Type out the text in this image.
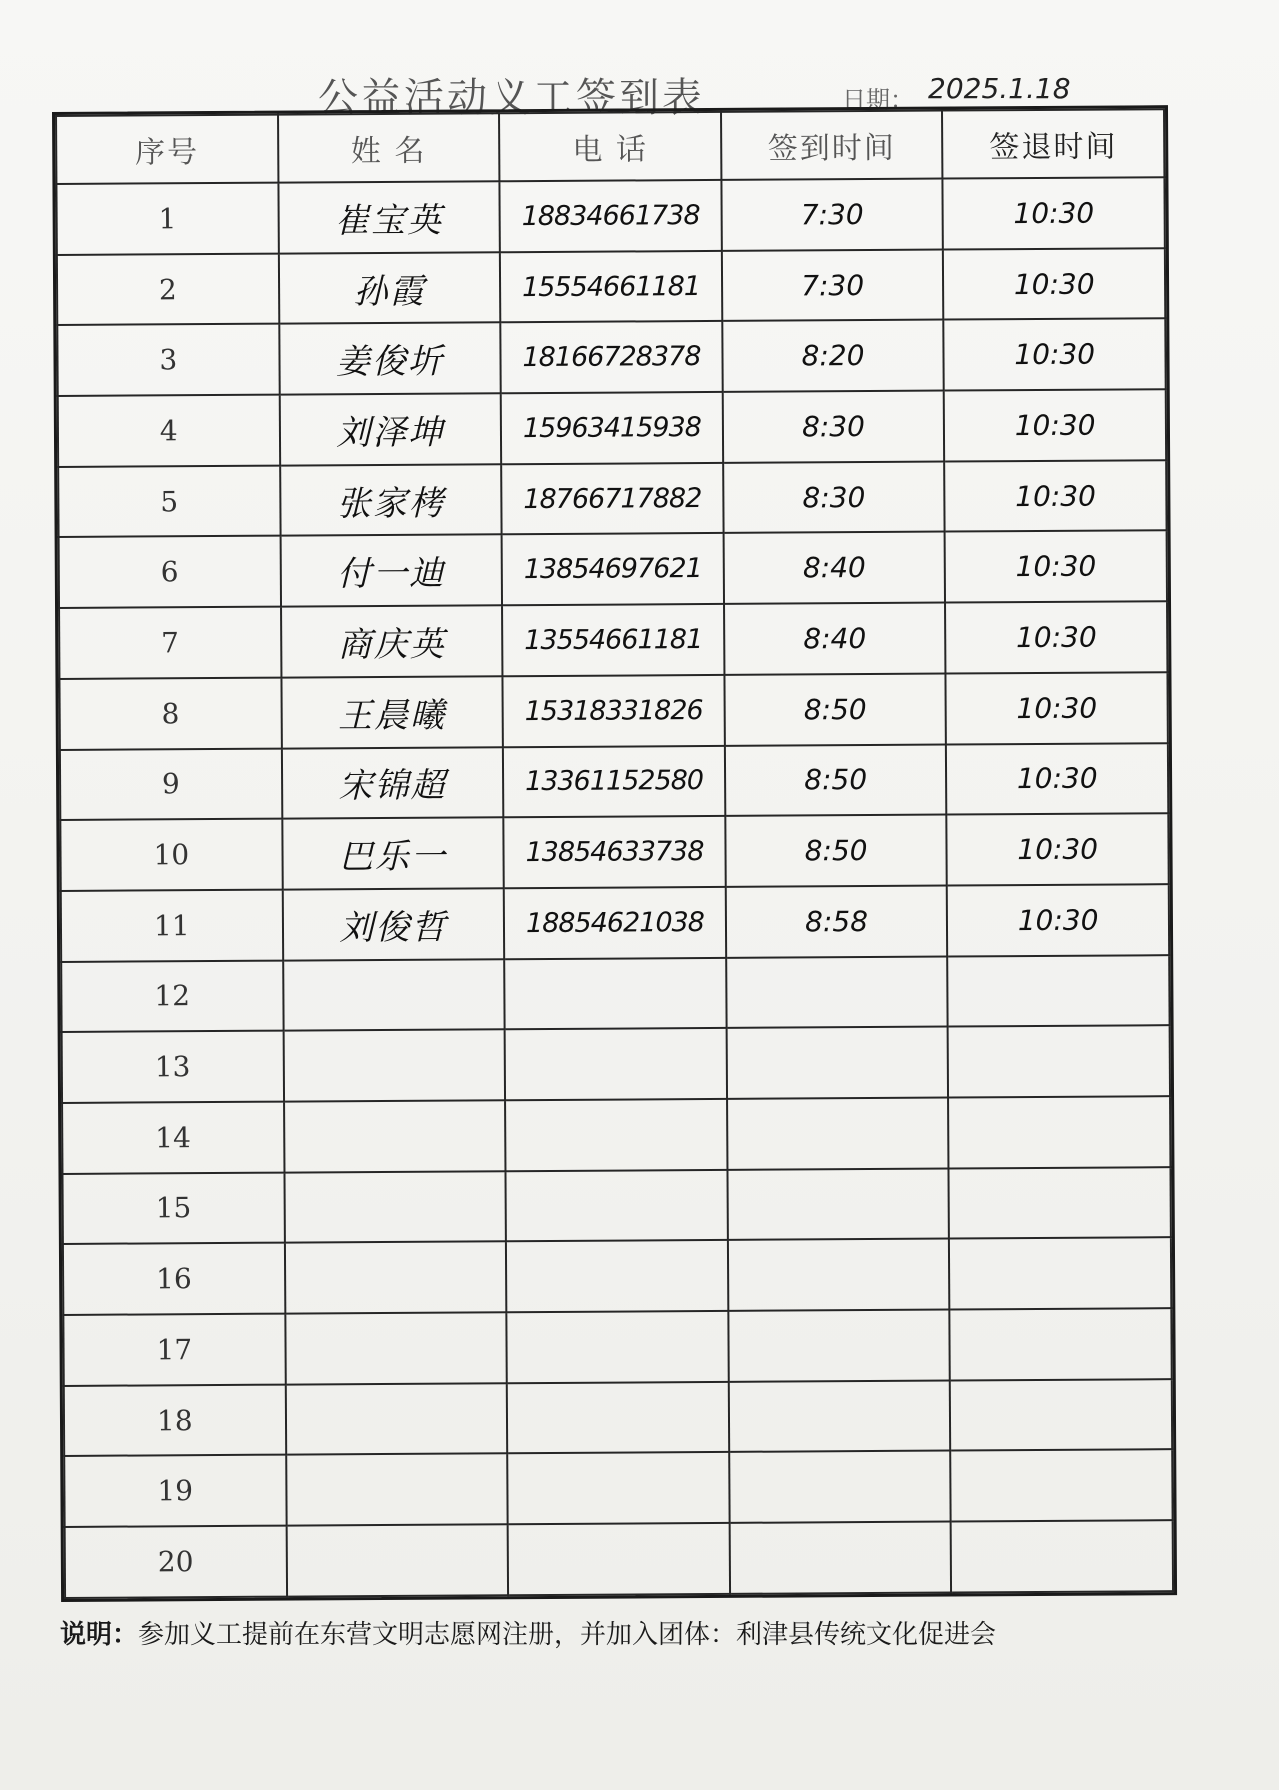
公益活动义工签到表	日期： 2025.1.18
序号	姓 名	电 话	签到时间	签退时间
1	崔宝英	18834661738	7:30	10:30
2	孙霞	15554661181	7:30	10:30
3	姜俊圻	18166728378	8:20	10:30
4	刘泽坤	15963415938	8:30	10:30
5	张家栲	18766717882	8:30	10:30
6	付一迪	13854697621	8:40	10:30
7	商庆英	13554661181	8:40	10:30
8	王晨曦	15318331826	8:50	10:30
9	宋锦超	13361152580	8:50	10:30
10	巴乐一	13854633738	8:50	10:30
11	刘俊哲	18854621038	8:58	10:30
12				
13				
14				
15				
16				
17				
18				
19				
20				
说明：参加义工提前在东营文明志愿网注册，并加入团体：利津县传统文化促进会
